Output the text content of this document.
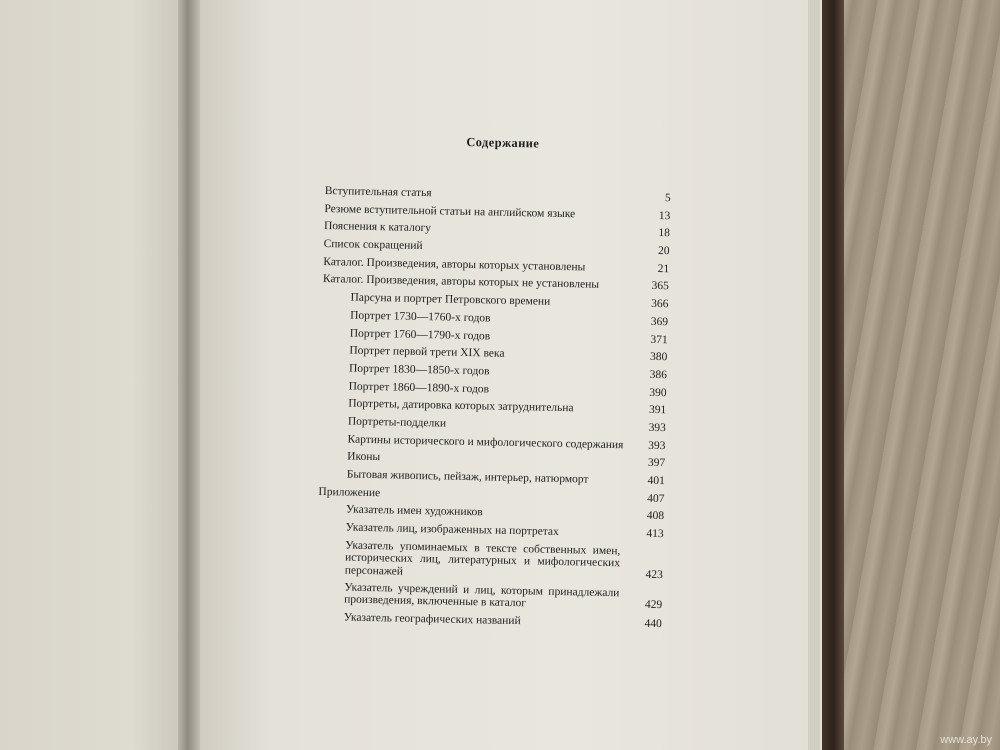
Содержание
Вступительная статья	5
Резюме вступительной статьи на английском языке	13
Пояснения к каталогу	18
Список сокращений	20
Каталог. Произведения, авторы которых установлены	21
Каталог. Произведения, авторы которых не установлены	365
Парсуна и портрет Петровского времени	366
Портрет 1730—1760-х годов	369
Портрет 1760—1790-х годов	371
Портрет первой трети XIX века	380
Портрет 1830—1850-х годов	386
Портрет 1860—1890-х годов	390
Портреты, датировка которых затруднительна	391
Портреты-подделки	393
Картины исторического и мифологического содержания	393
Иконы	397
Бытовая живопись, пейзаж, интерьер, натюрморт	401
Приложение	407
Указатель имен художников	408
Указатель лиц, изображенных на портретах	413
Указатель упоминаемых в тексте собственных имен, исторических лиц, литературных и мифологических персонажей	423
Указатель учреждений и лиц, которым принадлежали произведения, включенные в каталог	429
Указатель географических названий	440
www.ay.by
